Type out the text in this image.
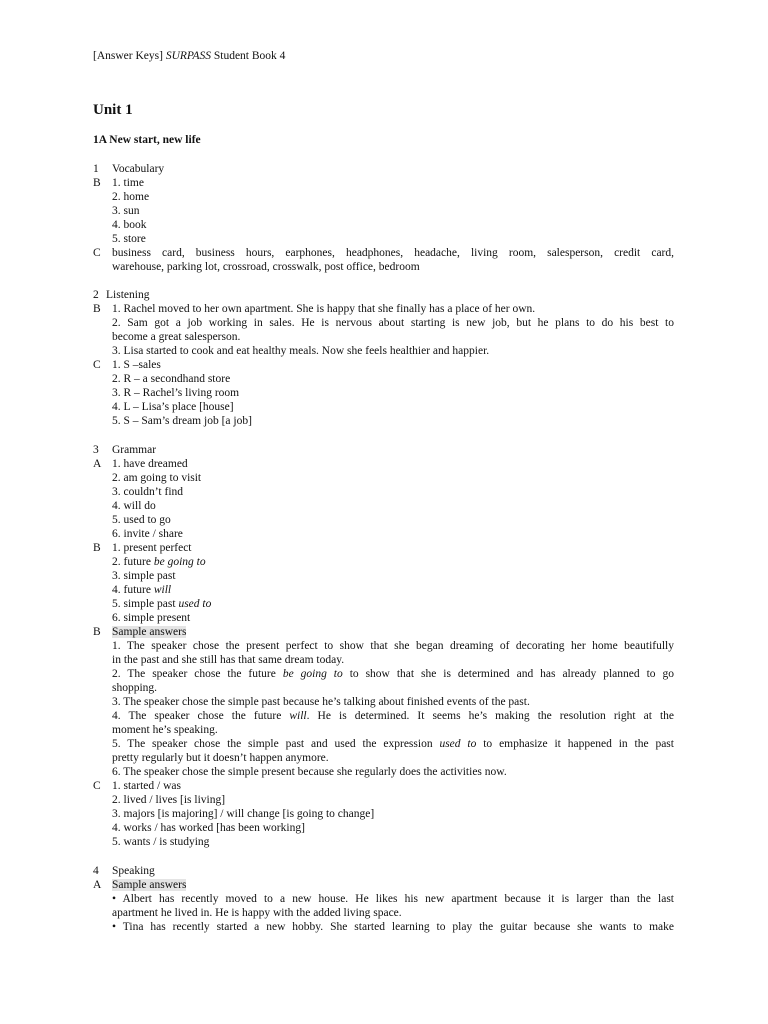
[Answer Keys] SURPASS Student Book 4
Unit 1
1A New start, new life
1 Vocabulary
B 1. time
2. home
3. sun
4. book
5. store
C business card, business hours, earphones, headphones, headache, living room, salesperson, credit card,
warehouse, parking lot, crossroad, crosswalk, post office, bedroom
2 Listening
B 1. Rachel moved to her own apartment. She is happy that she finally has a place of her own.
2. Sam got a job working in sales. He is nervous about starting is new job, but he plans to do his best to
become a great salesperson.
3. Lisa started to cook and eat healthy meals. Now she feels healthier and happier.
C 1. S –sales
2. R – a secondhand store
3. R – Rachel’s living room
4. L – Lisa’s place [house]
5. S – Sam’s dream job [a job]
3 Grammar
A 1. have dreamed
2. am going to visit
3. couldn’t find
4. will do
5. used to go
6. invite / share
B 1. present perfect
2. future be going to
3. simple past
4. future will
5. simple past used to
6. simple present
B Sample answers
1. The speaker chose the present perfect to show that she began dreaming of decorating her home beautifully
in the past and she still has that same dream today.
2. The speaker chose the future be going to to show that she is determined and has already planned to go
shopping.
3. The speaker chose the simple past because he’s talking about finished events of the past.
4. The speaker chose the future will. He is determined. It seems he’s making the resolution right at the
moment he’s speaking.
5. The speaker chose the simple past and used the expression used to to emphasize it happened in the past
pretty regularly but it doesn’t happen anymore.
6. The speaker chose the simple present because she regularly does the activities now.
C 1. started / was
2. lived / lives [is living]
3. majors [is majoring] / will change [is going to change]
4. works / has worked [has been working]
5. wants / is studying
4 Speaking
A Sample answers
• Albert has recently moved to a new house. He likes his new apartment because it is larger than the last
apartment he lived in. He is happy with the added living space.
• Tina has recently started a new hobby. She started learning to play the guitar because she wants to make
